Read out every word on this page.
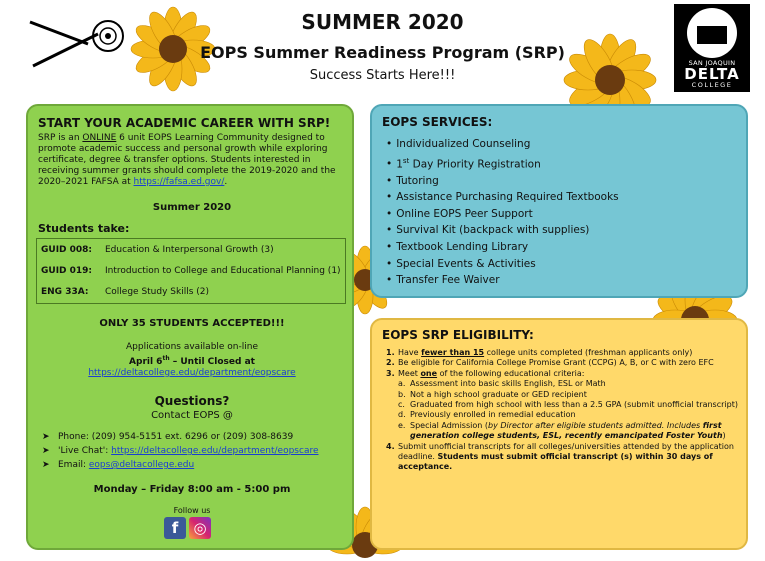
SUMMER 2020
EOPS Summer Readiness Program (SRP)
Success Starts Here!!!
SAN JOAQUIN
DELTA
COLLEGE
START YOUR ACADEMIC CAREER WITH SRP!
SRP is an ONLINE 6 unit EOPS Learning Community designed to promote academic success and personal growth while exploring certificate, degree & transfer options. Students interested in receiving summer grants should complete the 2019-2020 and the 2020–2021 FAFSA at https://fafsa.ed.gov/.
Summer 2020
Students take:
GUID 008: Education & Interpersonal Growth (3)
GUID 019: Introduction to College and Educational Planning (1)
ENG 33A: College Study Skills (2)
ONLY 35 STUDENTS ACCEPTED!!!
Applications available on-line
April 6th – Until Closed at
https://deltacollege.edu/department/eopscare
Questions?
Contact EOPS @
➤ Phone: (209) 954-5151 ext. 6296 or (209) 308-8639
➤ 'Live Chat': https://deltacollege.edu/department/eopscare
➤ Email: eops@deltacollege.edu
Monday – Friday 8:00 am - 5:00 pm
Follow us
f ◎
EOPS SERVICES:
• Individualized Counseling
• 1st Day Priority Registration
• Tutoring
• Assistance Purchasing Required Textbooks
• Online EOPS Peer Support
• Survival Kit (backpack with supplies)
• Textbook Lending Library
• Special Events & Activities
• Transfer Fee Waiver
EOPS SRP ELIGIBILITY:
1. Have fewer than 15 college units completed (freshman applicants only)
2. Be eligible for California College Promise Grant (CCPG) A, B, or C with zero EFC
3. Meet one of the following educational criteria:
a. Assessment into basic skills English, ESL or Math
b. Not a high school graduate or GED recipient
c. Graduated from high school with less than a 2.5 GPA (submit unofficial transcript)
d. Previously enrolled in remedial education
e. Special Admission (by Director after eligible students admitted. Includes first generation college students, ESL, recently emancipated Foster Youth)
4. Submit unofficial transcripts for all colleges/universities attended by the application deadline. Students must submit official transcript (s) within 30 days of acceptance.
